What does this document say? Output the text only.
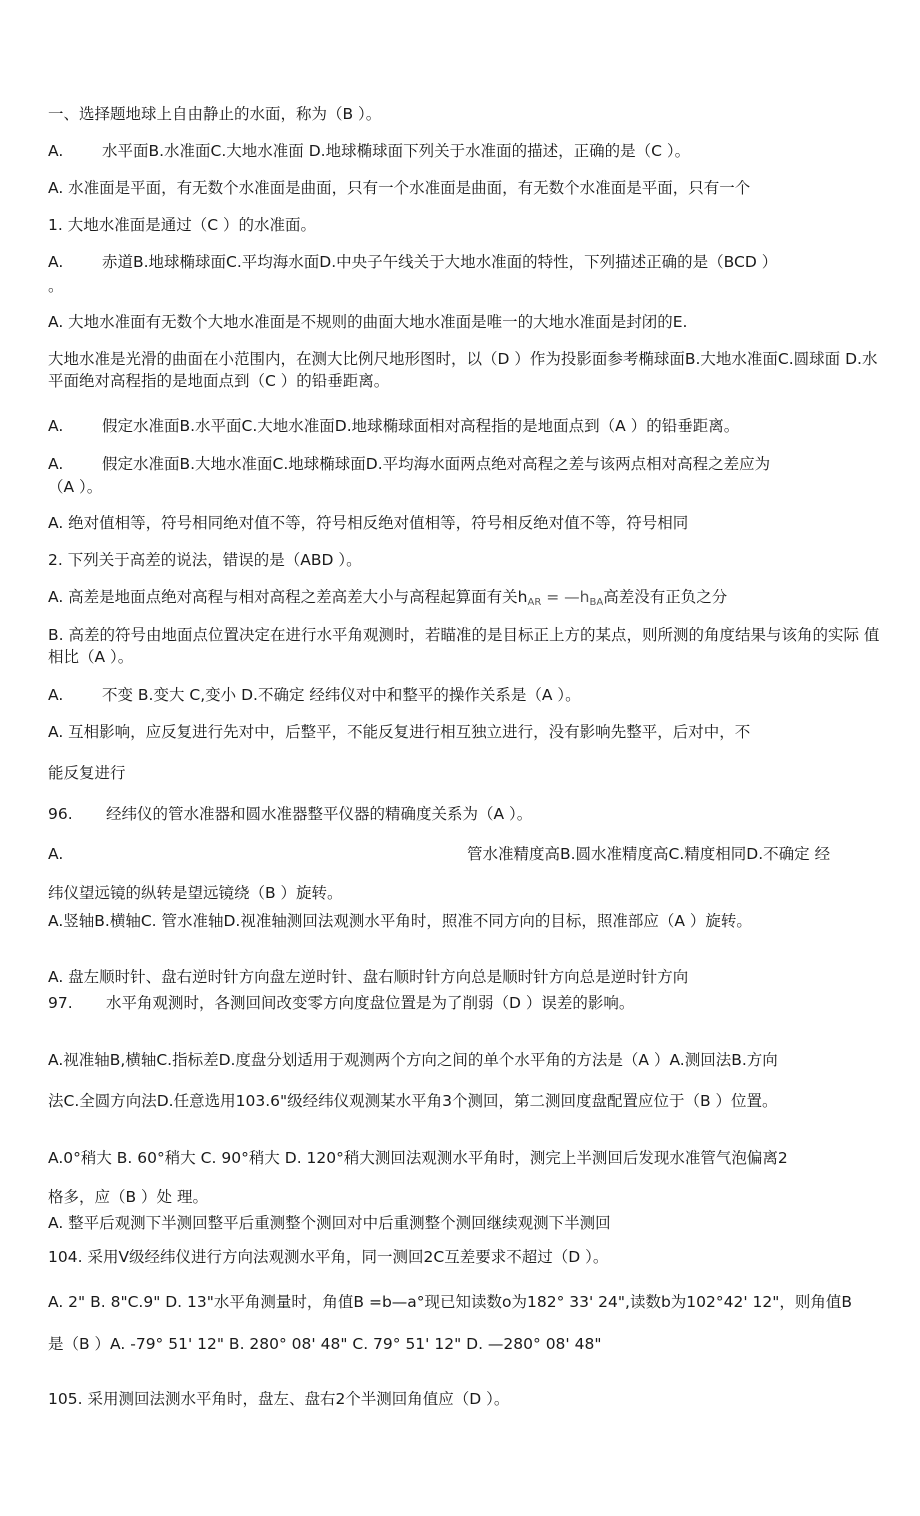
一、选择题地球上自由静止的水面，称为（B ）。
A. 水平面B.水准面C.大地水准面 D.地球椭球面下列关于水准面的描述，正确的是（C ）。
A. 水准面是平面，有无数个水准面是曲面，只有一个水准面是曲面，有无数个水准面是平面，只有一个
1. 大地水准面是通过（C ）的水准面。
A. 赤道B.地球椭球面C.平均海水面D.中央子午线关于大地水准面的特性，下列描述正确的是（BCD ）
。
A. 大地水准面有无数个大地水准面是不规则的曲面大地水准面是唯一的大地水准面是封闭的E.
大地水准是光滑的曲面在小范围内，在测大比例尺地形图时，以（D ）作为投影面参考椭球面B.大地水准面C.圆球面 D.水平面绝对高程指的是地面点到（C ）的铅垂距离。
A. 假定水准面B.水平面C.大地水准面D.地球椭球面相对高程指的是地面点到（A ）的铅垂距离。
A. 假定水准面B.大地水准面C.地球椭球面D.平均海水面两点绝对高程之差与该两点相对高程之差应为
（A ）。
A. 绝对值相等，符号相同绝对值不等，符号相反绝对值相等，符号相反绝对值不等，符号相同
2. 下列关于高差的说法，错误的是（ABD ）。
A. 高差是地面点绝对高程与相对高程之差高差大小与高程起算面有关$h_{AR}$ = $—h_{BA}$高差没有正负之分
B. 高差的符号由地面点位置决定在进行水平角观测时，若瞄准的是目标正上方的某点，则所测的角度结果与该角的实际 值相比（A ）。
A. 不变 B.变大 C,变小 D.不确定 经纬仪对中和整平的操作关系是（A ）。
A. 互相影响，应反复进行先对中，后整平，不能反复进行相互独立进行，没有影响先整平，后对中，不
能反复进行
96. 经纬仪的管水准器和圆水准器整平仪器的精确度关系为（A ）。
A.	管水准精度高B.圆水准精度高C.精度相同D.不确定 经
纬仪望远镜的纵转是望远镜绕（B ）旋转。
A.竖轴B.横轴C. 管水准轴D.视准轴测回法观测水平角时，照准不同方向的目标，照准部应（A ）旋转。
A. 盘左顺时针、盘右逆时针方向盘左逆时针、盘右顺时针方向总是顺时针方向总是逆时针方向
97. 水平角观测时，各测回间改变零方向度盘位置是为了削弱（D ）误差的影响。
A.视准轴B,横轴C.指标差D.度盘分划适用于观测两个方向之间的单个水平角的方法是（A ）A.测回法B.方向
法C.全圆方向法D.任意选用103.6"级经纬仪观测某水平角3个测回，第二测回度盘配置应位于（B ）位置。
A.0°稍大 B. 60°稍大 C. 90°稍大 D. 120°稍大测回法观测水平角时，测完上半测回后发现水准管气泡偏离2
格多，应（B ）处 理。
A. 整平后观测下半测回整平后重测整个测回对中后重测整个测回继续观测下半测回
104. 采用V级经纬仪进行方向法观测水平角，同一测回2C互差要求不超过（D ）。
A. 2" B. 8"C.9" D. 13"水平角测量时，角值B =b—a°现已知读数o为182° 33' 24",读数b为102°42' 12"，则角值B
是（B ）A. -79° 51' 12" B. 280° 08' 48" C. 79° 51' 12" D. —280° 08' 48"
105. 采用测回法测水平角时，盘左、盘右2个半测回角值应（D ）。
